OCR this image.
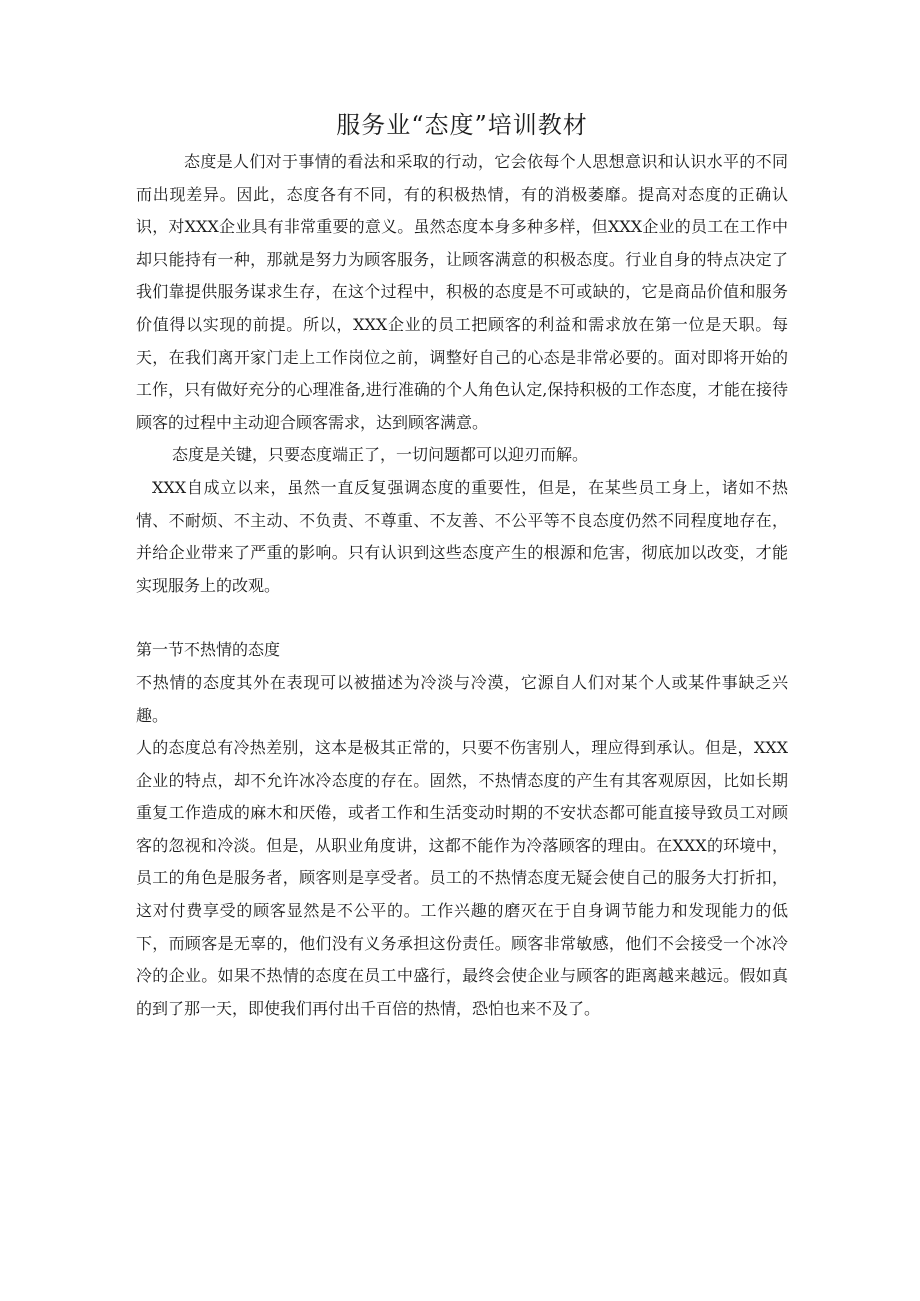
服务业“态度”培训教材

态度是人们对于事情的看法和采取的行动，它会依每个人思想意识和认识水平的不同而出现差异。因此，态度各有不同，有的积极热情，有的消极萎靡。提高对态度的正确认识，对XXX企业具有非常重要的意义。虽然态度本身多种多样，但XXX企业的员工在工作中却只能持有一种，那就是努力为顾客服务，让顾客满意的积极态度。行业自身的特点决定了我们靠提供服务谋求生存，在这个过程中，积极的态度是不可或缺的，它是商品价值和服务价值得以实现的前提。所以，XXX企业的员工把顾客的利益和需求放在第一位是天职。每天，在我们离开家门走上工作岗位之前，调整好自己的心态是非常必要的。面对即将开始的工作，只有做好充分的心理准备,进行准确的个人角色认定,保持积极的工作态度，才能在接待顾客的过程中主动迎合顾客需求，达到顾客满意。

态度是关键，只要态度端正了，一切问题都可以迎刃而解。

XXX自成立以来，虽然一直反复强调态度的重要性，但是，在某些员工身上，诸如不热情、不耐烦、不主动、不负责、不尊重、不友善、不公平等不良态度仍然不同程度地存在，并给企业带来了严重的影响。只有认识到这些态度产生的根源和危害，彻底加以改变，才能实现服务上的改观。

第一节不热情的态度

不热情的态度其外在表现可以被描述为冷淡与冷漠，它源自人们对某个人或某件事缺乏兴趣。

人的态度总有冷热差别，这本是极其正常的，只要不伤害别人，理应得到承认。但是，XXX企业的特点，却不允许冰冷态度的存在。固然，不热情态度的产生有其客观原因，比如长期重复工作造成的麻木和厌倦，或者工作和生活变动时期的不安状态都可能直接导致员工对顾客的忽视和冷淡。但是，从职业角度讲，这都不能作为冷落顾客的理由。在XXX的环境中，员工的角色是服务者，顾客则是享受者。员工的不热情态度无疑会使自己的服务大打折扣，这对付费享受的顾客显然是不公平的。工作兴趣的磨灭在于自身调节能力和发现能力的低下，而顾客是无辜的，他们没有义务承担这份责任。顾客非常敏感，他们不会接受一个冰冷冷的企业。如果不热情的态度在员工中盛行，最终会使企业与顾客的距离越来越远。假如真的到了那一天，即使我们再付出千百倍的热情，恐怕也来不及了。
